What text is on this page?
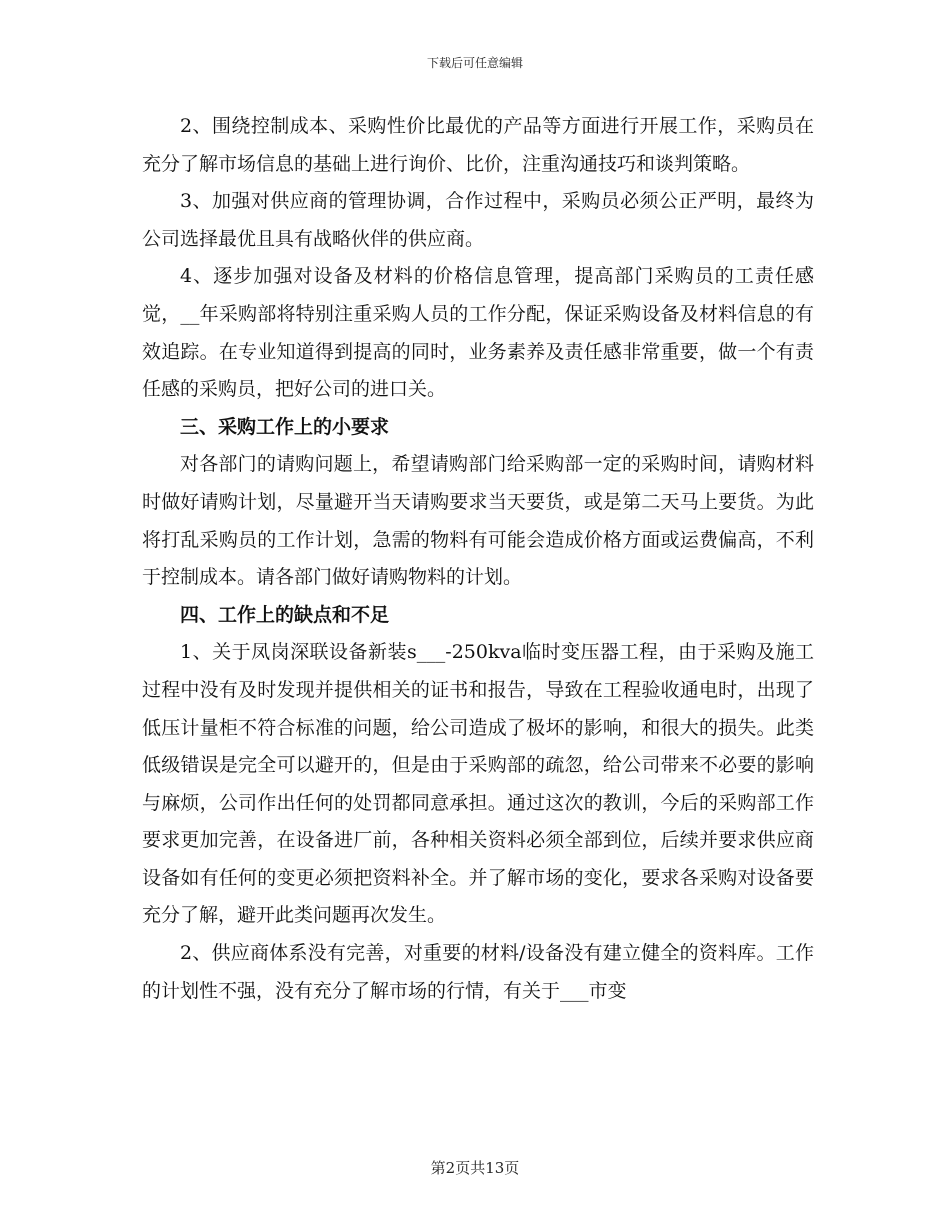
下载后可任意编辑

2、围绕控制成本、采购性价比最优的产品等方面进行开展工作，采购员在充分了解市场信息的基础上进行询价、比价，注重沟通技巧和谈判策略。

3、加强对供应商的管理协调，合作过程中，采购员必须公正严明，最终为公司选择最优且具有战略伙伴的供应商。

4、逐步加强对设备及材料的价格信息管理，提高部门采购员的工责任感觉，__年采购部将特别注重采购人员的工作分配，保证采购设备及材料信息的有效追踪。在专业知道得到提高的同时，业务素养及责任感非常重要，做一个有责任感的采购员，把好公司的进口关。

三、采购工作上的小要求

对各部门的请购问题上，希望请购部门给采购部一定的采购时间，请购材料时做好请购计划，尽量避开当天请购要求当天要货，或是第二天马上要货。为此将打乱采购员的工作计划，急需的物料有可能会造成价格方面或运费偏高，不利于控制成本。请各部门做好请购物料的计划。

四、工作上的缺点和不足

1、关于凤岗深联设备新装s___-250kva临时变压器工程，由于采购及施工过程中没有及时发现并提供相关的证书和报告，导致在工程验收通电时，出现了低压计量柜不符合标准的问题，给公司造成了极坏的影响，和很大的损失。此类低级错误是完全可以避开的，但是由于采购部的疏忽，给公司带来不必要的影响与麻烦，公司作出任何的处罚都同意承担。通过这次的教训，今后的采购部工作要求更加完善，在设备进厂前，各种相关资料必须全部到位，后续并要求供应商设备如有任何的变更必须把资料补全。并了解市场的变化，要求各采购对设备要充分了解，避开此类问题再次发生。

2、供应商体系没有完善，对重要的材料/设备没有建立健全的资料库。工作的计划性不强，没有充分了解市场的行情，有关于___市变

第2页共13页
